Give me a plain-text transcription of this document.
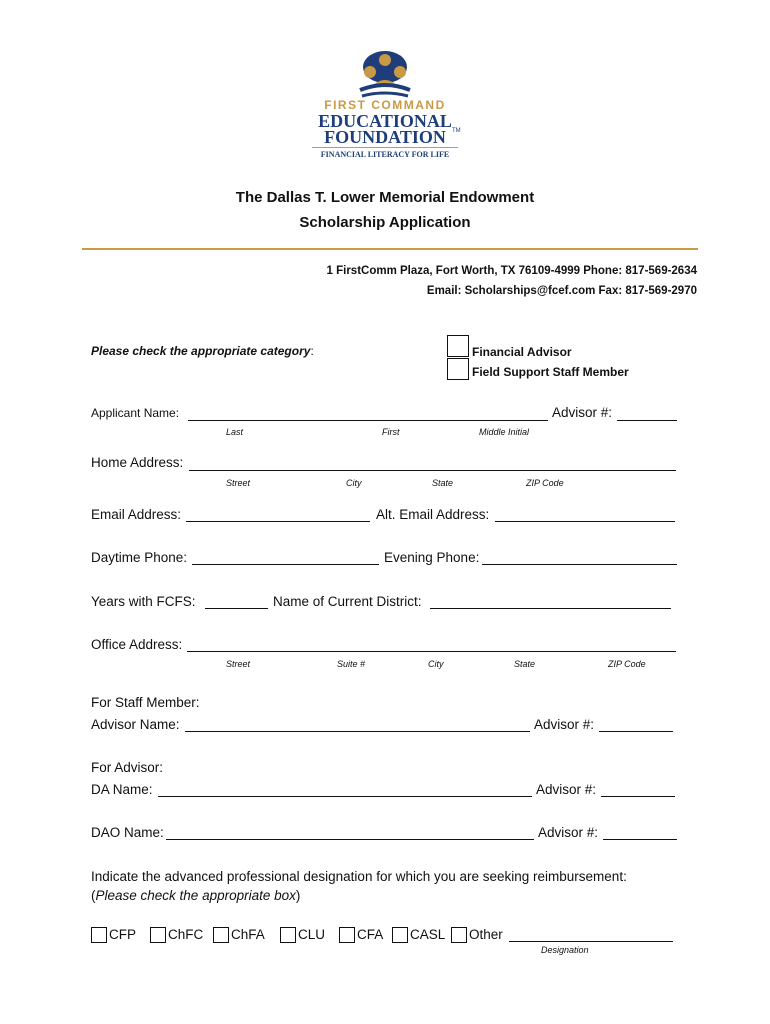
FIRST COMMAND
EDUCATIONAL
FOUNDATION	TM
FINANCIAL LITERACY FOR LIFE
The Dallas T. Lower Memorial Endowment
Scholarship Application
1 FirstComm Plaza, Fort Worth, TX 76109-4999 Phone: 817-569-2634
Email: Scholarships@fcef.com Fax: 817-569-2970
Please check the appropriate category:	Financial Advisor
Field Support Staff Member
Applicant Name:	Advisor #:
Last	First	Middle Initial
Home Address:
Street	City	State	ZIP Code
Email Address:	Alt. Email Address:
Daytime Phone:	Evening Phone:
Years with FCFS:	Name of Current District:
Office Address:
Street	Suite #	City	State	ZIP Code
For Staff Member:
Advisor Name:	Advisor #:
For Advisor:
DA Name:	Advisor #:
DAO Name:	Advisor #:
Indicate the advanced professional designation for which you are seeking reimbursement:
(Please check the appropriate box)
CFP ChFC ChFA CLU CFA CASL Other
Designation
